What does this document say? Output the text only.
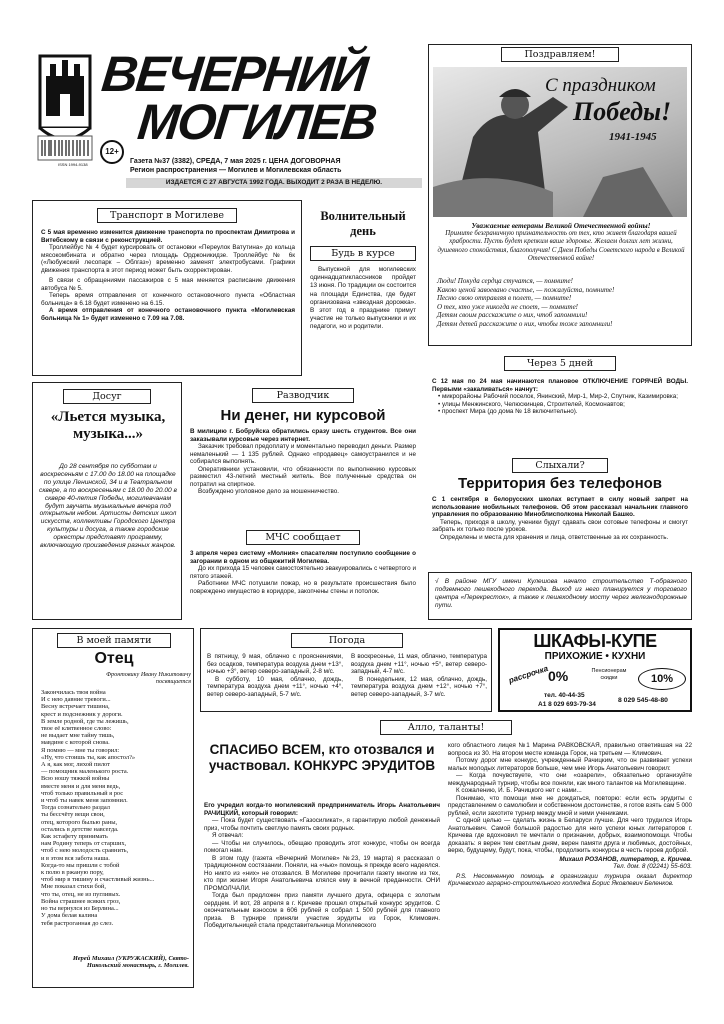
ISSN 1994-9138
ВЕЧЕРНИЙ
МОГИЛЕВ
12+
Газета №37 (3382), СРЕДА, 7 мая 2025 г. ЦЕНА ДОГОВОРНАЯ
Регион распространения — Могилев и Могилевская область
ИЗДАЕТСЯ С 27 АВГУСТА 1992 ГОДА. ВЫХОДИТ 2 РАЗА В НЕДЕЛЮ.
Поздравляем!
С праздником
Победы!
1941-1945
Уважаемые ветераны Великой Отечественной войны!
Примите безграничную признательность от тех, кто живет благодаря вашей храбрости. Пусть будет крепким ваше здоровье. Желаем долгих лет жизни, душевного спокойствия, благополучия! С Днем Победы Советского народа в Великой Отечественной войне!
Люди! Покуда сердца стучатся, — помните!
Какою ценой завоевано счастье, — пожалуйста, помните!
Песню свою отправляя в полет, — помните!
О тех, кто уже никогда не споет, — помните!
Детям своим расскажите о них, чтоб запомнили!
Детям детей расскажите о них, чтобы тоже запомнили!
Транспорт в Могилеве

С 5 мая временно изменится движение транспорта по проспектам Димитрова и Витебскому в связи с реконструкцией.

Троллейбус № 4 будет курсировать от остановки «Переулок Ватутина» до кольца мясокомбината и обратно через площадь Орджоникидзе. Троллейбус № 6к («Любужский лесопарк – Облгаз») временно заменят электробусами. Графики движения транспорта в этот период может быть скорректирован.

В связи с обращениями пассажиров с 5 мая меняется расписание движения автобуса № 5.

Теперь время отправления от конечного остановочного пункта «Областная больница» в 6.18 будет изменено на 6.15.

А время отправления от конечного остановочного пункта «Могилевская больница № 1» будет изменено с 7.09 на 7.08.

Волнительный
день
Будь в курсе

Выпускной для могилевских одиннадцатиклассников пройдет 13 июня. По традиции он состоится на площади Единства, где будет организована «звездная дорожка». В этот год в празднике примут участие не только выпускники и их педагоги, но и родители.

Досуг
«Льется музыка, музыка...»

До 28 сентября по субботам и воскресеньям с 17.00 до 18.00 на площадке по улице Ленинской, 34 и в Театральном сквере, а по воскресеньям с 18.00 до 20.00 в сквере 40-летия Победы, могилевчанам будут звучать музыкальные вечера под открытым небом. Артисты детских школ искусств, коллективы Городского Центра культуры и досуга, а также городские оркестры представят программу, включающую произведения разных жанров.

Разводчик
Ни денег, ни курсовой

В милицию г. Бобруйска обратились сразу шесть студентов. Все они заказывали курсовые через интернет.

Заказчик требовал предоплату и моментально переводил деньги. Размер немаленький — 1 135 рублей. Однако «продавец» самоустранился и не собирался выполнять.

Оперативники установили, что обязанности по выполнению курсовых разместил 43-летний местный житель. Все полученные средства он потратил на спиртное.

Возбуждено уголовное дело за мошенничество.

МЧС сообщает

3 апреля через систему «Молния» спасателям поступило сообщение о загорании в одном из общежитий Могилева.

До их прихода 15 человек самостоятельно эвакуировались с четвертого и пятого этажей.

Работники МЧС потушили пожар, но в результате происшествия было повреждено имущество в коридоре, закопчены стены и потолок.

Через 5 дней

С 12 мая по 24 мая начинаются плановое ОТКЛЮЧЕНИЕ ГОРЯЧЕЙ ВОДЫ. Первыми «закаливаться» начнут:

• микрорайоны Рабочий поселок, Янинский, Мир-1, Мир-2, Спутник, Казимировка;

• улицы Менжинского, Челюскинцев, Строителей, Космонавтов;

• проспект Мира (до дома № 18 включительно).

Слыхали?
Территория без телефонов

С 1 сентября в белорусских школах вступает в силу новый запрет на использование мобильных телефонов. Об этом рассказал начальник главного управления по образованию Миноблисполкома Николай Башко.

Теперь, приходя в школу, ученики будут сдавать свои сотовые телефоны и смогут забрать их только после уроков.

Определены и места для хранения и лица, ответственные за их сохранность.

√ В районе МГУ имени Кулешова начато строительство Т-образного подземного пешеходного перехода. Выход из него планируется у торгового центра «Перекресток», а также к пешеходному мосту через железнодорожные пути.

В моей памяти
Отец
Фронтовику Ивану Никитовичу посвящается
Закончилась твоя война
И с нею давние тревоги...
Весну встречает тишина,
крест и подснежник у дороги.
В земле родной, где ты лежишь,
твое её клятвенное слово:
не выдает мне тайну тишь,
мавдине с которой снова.
Я помню — мне ты говорил:
«Ну, что стоишь ты, как апостол?»
А я, как мог, лихой пилот
— помощник маленького роста.
Всю ношу тяжкой войны
вместе меня и для меня ведь,
чтоб только правильный я рос
и чтоб ты навек меня запомнил.
Тогда сознательно раздал
ты бессчёту вещи свои,
отец, которого былью раны,
остались в детстве навсегда.
Как эстафету принимать
нам Родину теперь от старших,
чтоб с нею молодость сравнить,
и в этом вся забота наша.
Когда-то мы пришли с тобой
к полю в ржаную пору,
чтоб мир в тишину и счастливый жизнь...
Мне показал стихи бой,
что ты, отец, не из пугливых.
Война страшнее всяких гроз,
но ты вернулся из Берлина...
У дома белая калина
тебя растроганная до слез.
Иерей Михаил (УКРУЖАСКИЙ), Свято-Никольский монастырь, г. Могилев.
Погода

В пятницу, 9 мая, облачно с прояснениями, без осадков, температура воздуха днем +13°, ночью +3°, ветер северо-западный, 2-8 м/с.

В субботу, 10 мая, облачно, дождь, температура воздуха днем +11°, ночью +4°, ветер северо-западный, 5-7 м/с.

В воскресенье, 11 мая, облачно, температура воздуха днем +11°, ночью +5°, ветер северо-западный, 4-7 м/с.

В понедельник, 12 мая, облачно, дождь, температура воздуха днем +12°, ночью +7°, ветер северо-западный, 3-7 м/с.

ШКАФЫ-КУПЕ
ПРИХОЖИЕ • КУХНИ
рассрочка
0%	Пенсионерам скидки	10%
тел. 40-44-35
А1 8 029 693-79-34
8 029 545-48-80
Алло, таланты!
СПАСИБО ВСЕМ, кто отозвался и участвовал. КОНКУРС ЭРУДИТОВ

Его учредил когда-то могилевский предприниматель Игорь Анатольевич РАЧИЦКИЙ, который говорил:

— Пока будет существовать «Газосиликат», я гарантирую любой денежный приз, чтобы почтить светлую память своих родных.

Я отвечал:

— Чтобы ни случилось, обещаю проводить этот конкурс, чтобы он всегда помогал нам.

В этом году (газета «Вечерний Могилев» №23, 19 марта) я рассказал о традиционном состязании. Поняли, на «чью» помощь я прежде всего надеялся. Но никто из «них» не отозвался. В Могилеве прочитали газету многие из тех, кто при жизни Игоря Анатольевича клялся ему в вечной преданности. ОНИ ПРОМОЛЧАЛИ.

Тогда был предложен приз памяти лучшего друга, офицера с золотым сердцем. И вот, 28 апреля в г. Кричеве прошел открытый конкурс эрудитов. С окончательным взносом в 606 рублей я собрал 1 500 рублей для главного приза. В турнире приняли участие эрудиты из Горок, Климович. Победительницей стала представительница Могилевского

кого областного лицея №1 Марина РАВКОВСКАЯ, правильно ответившая на 22 вопроса из 30. На втором месте команда Горок, на третьем — Климович.

Потому дорог мне конкурс, учрежденный Рачицким, что он развивает успехи малых молодых литераторов больше, чем мне Игорь Анатольевич говорил:

— Когда почувствуете, что они «озарели», обязательно организуйте международный турнир, чтобы все поняли, как много талантов на Могилевщине.

К сожалению, И. Б. Рачицкого нет с нами...

Понимаю, что помощи мне не дождаться, повторю: если есть эрудиты с представлением о самолюбии и собственном достоинстве, я готов взять сам 5 000 рублей, если захотите турнир между мной и ними учениками.

С одной целью — сделать жизнь в Беларуси лучше. Для чего трудился Игорь Анатольевич. Самой большой радостью для него успехи юных литераторов г. Кричева где вдохновил те мечтали о признании, добрых, взаимопомощи. Чтобы доказать: я верен тем светлым дням, верен памяти друга и любимых, достойных, верю, будущему, будут, пока, чтобы, продолжить конкурсы в честь героев доброй.

Михаил РОЗАНОВ, литератор, г. Кричев.

Тел. дом. 8 (02241) 55-603.

Р.S. Несомненную помощь в организации турнира оказал директор Кричевского аграрно-строительного колледжа Борис Яковлевич Беленков.
